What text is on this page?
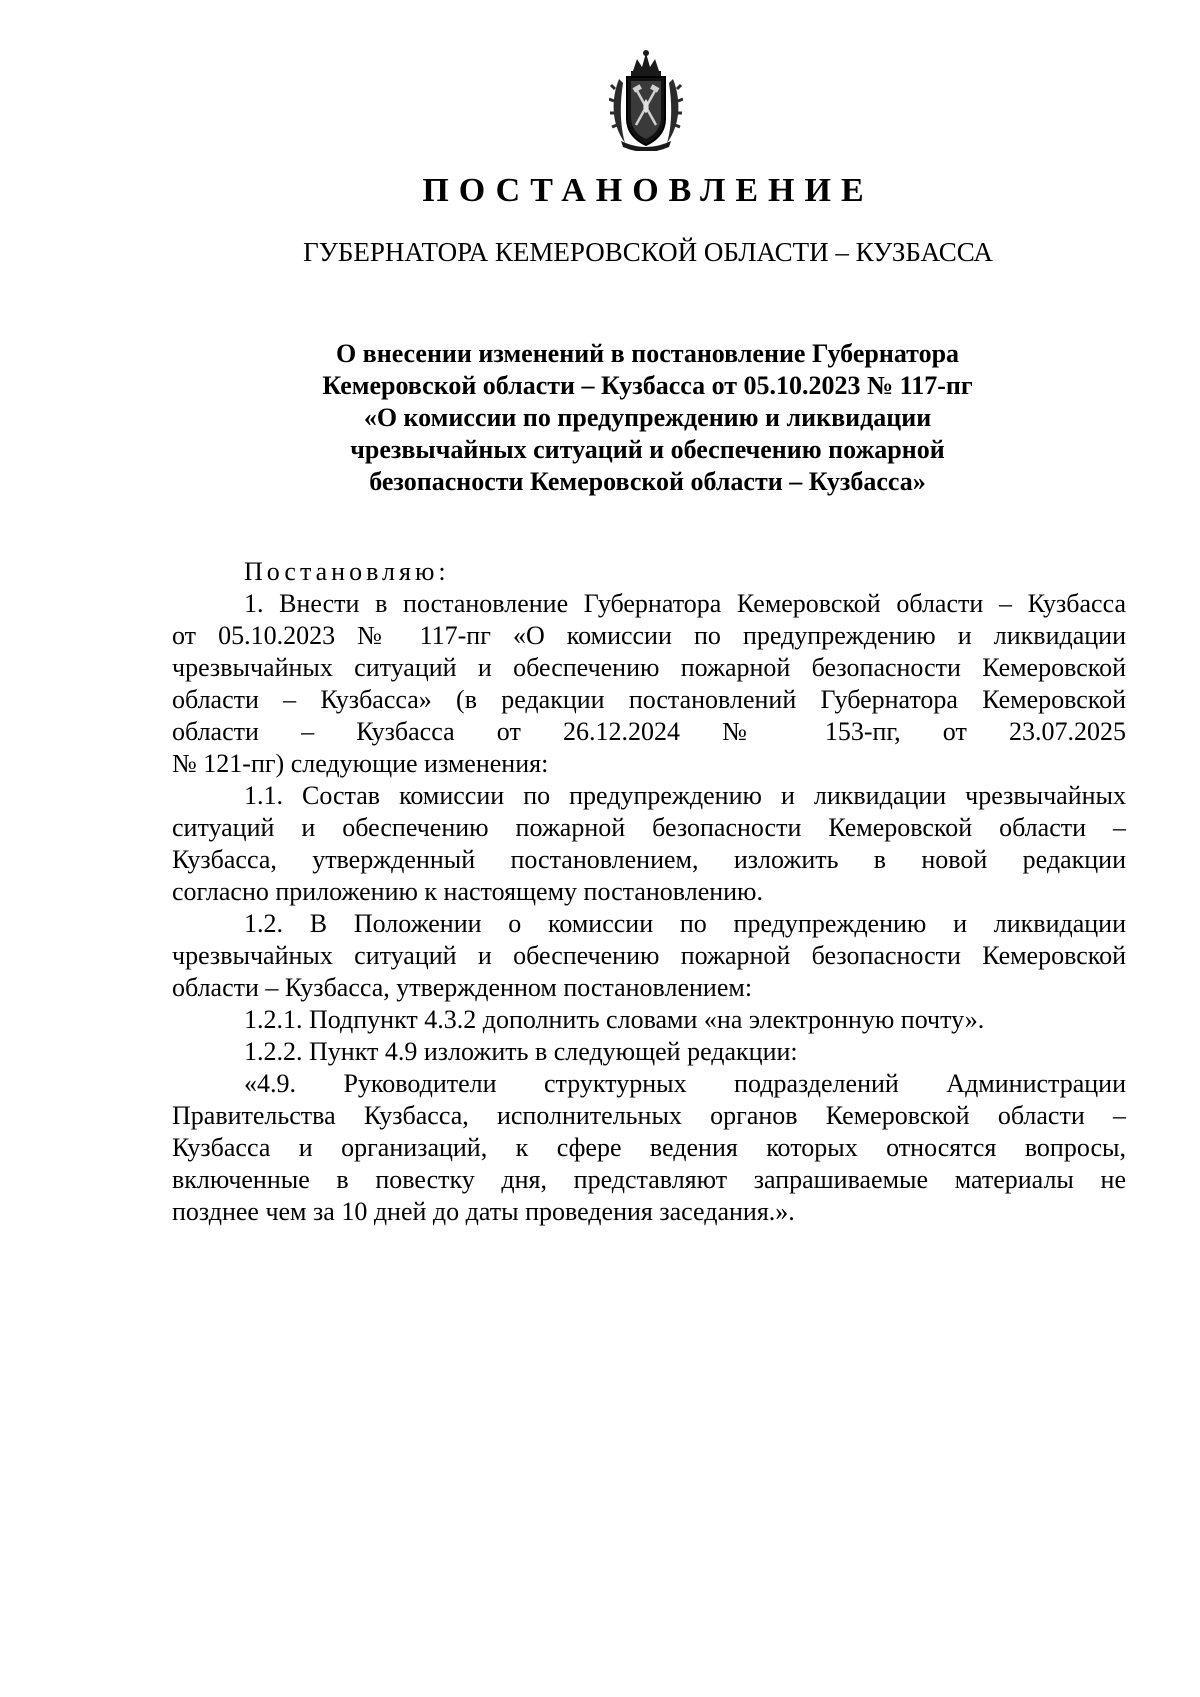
ПОСТАНОВЛЕНИЕ
ГУБЕРНАТОРА КЕМЕРОВСКОЙ ОБЛАСТИ – КУЗБАССА
О внесении изменений в постановление Губернатора
Кемеровской области – Кузбасса от 05.10.2023 № 117-пг
«О комиссии по предупреждению и ликвидации
чрезвычайных ситуаций и обеспечению пожарной
безопасности Кемеровской области – Кузбасса»
Постановляю:
1. Внести в постановление Губернатора Кемеровской области – Кузбасса
от 05.10.2023 № 117-пг «О комиссии по предупреждению и ликвидации
чрезвычайных ситуаций и обеспечению пожарной безопасности Кемеровской
области – Кузбасса» (в редакции постановлений Губернатора Кемеровской
области – Кузбасса от 26.12.2024 № 153-пг, от 23.07.2025
№ 121-пг) следующие изменения:
1.1. Состав комиссии по предупреждению и ликвидации чрезвычайных
ситуаций и обеспечению пожарной безопасности Кемеровской области –
Кузбасса, утвержденный постановлением, изложить в новой редакции
согласно приложению к настоящему постановлению.
1.2. В Положении о комиссии по предупреждению и ликвидации
чрезвычайных ситуаций и обеспечению пожарной безопасности Кемеровской
области – Кузбасса, утвержденном постановлением:
1.2.1. Подпункт 4.3.2 дополнить словами «на электронную почту».
1.2.2. Пункт 4.9 изложить в следующей редакции:
«4.9. Руководители структурных подразделений Администрации
Правительства Кузбасса, исполнительных органов Кемеровской области –
Кузбасса и организаций, к сфере ведения которых относятся вопросы,
включенные в повестку дня, представляют запрашиваемые материалы не
позднее чем за 10 дней до даты проведения заседания.».
